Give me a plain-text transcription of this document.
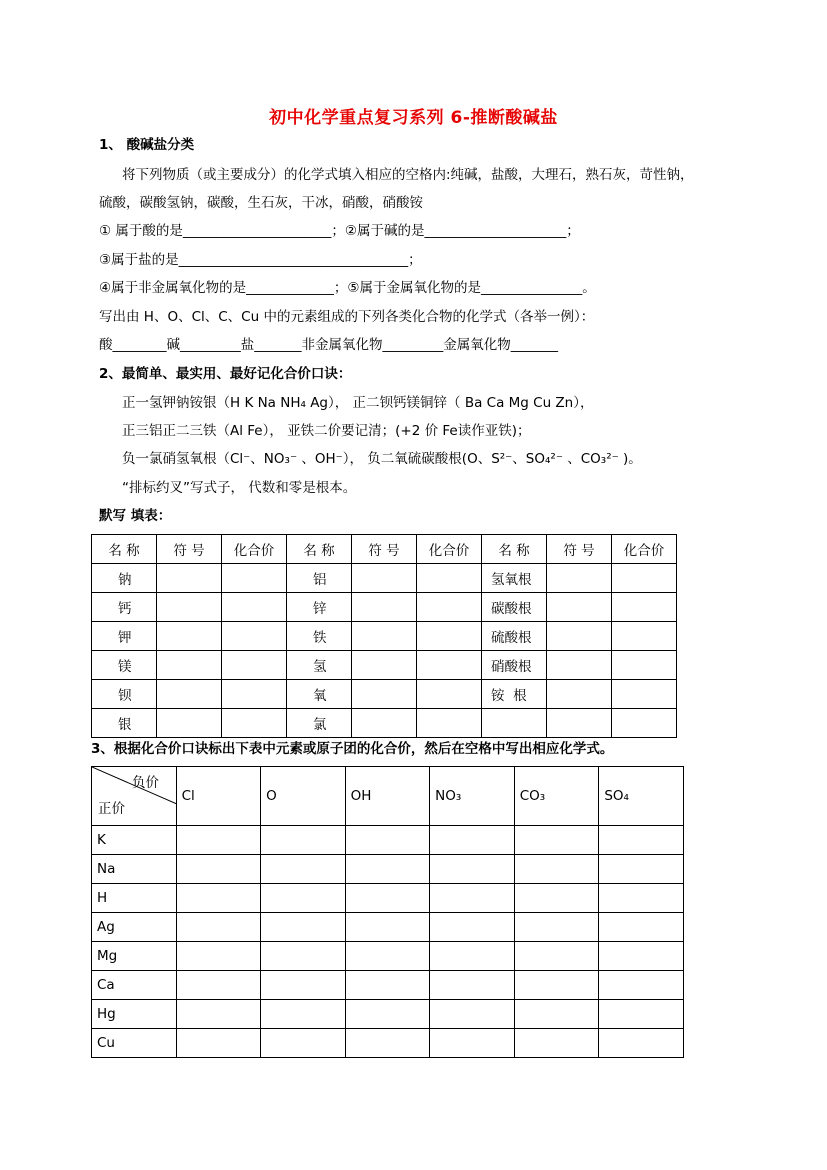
初中化学重点复习系列 6-推断酸碱盐
1、 酸碱盐分类
将下列物质（或主要成分）的化学式填入相应的空格内:纯碱，盐酸，大理石，熟石灰，苛性钠，
硫酸，碳酸氢钠，碳酸，生石灰，干冰，硝酸，硝酸铵
① 属于酸的是______________________；②属于碱的是_____________________；
③属于盐的是__________________________________；
④属于非金属氧化物的是_____________；⑤属于金属氧化物的是_______________。
写出由 H、O、Cl、C、Cu 中的元素组成的下列各类化合物的化学式（各举一例）：
酸________碱_________盐_______非金属氧化物_________金属氧化物_______
2、最简单、最实用、最好记化合价口诀：
正一氢钾钠铵银（H K Na NH₄ Ag）， 正二钡钙镁铜锌（ Ba Ca Mg Cu Zn），
正三铝正二三铁（Al Fe）， 亚铁二价要记清；(+2 价 Fe读作亚铁)；
负一氯硝氢氧根（Cl⁻、NO₃⁻ 、OH⁻）， 负二氧硫碳酸根(O、S²⁻、SO₄²⁻ 、CO₃²⁻ )。
“排标约叉”写式子， 代数和零是根本。
默写 填表：
名 称	符 号	化合价	名 称	符 号	化合价	名 称	符 号	化合价
钠			铝			氢氧根		
钙			锌			碳酸根		
钾			铁			硫酸根		
镁			氢			硝酸根		
钡			氧			铵  根		
银			氯					
3、根据化合价口诀标出下表中元素或原子团的化合价，然后在空格中写出相应化学式。
负价
正价	Cl	O	OH	NO₃	CO₃	SO₄
K						
Na						
H						
Ag						
Mg						
Ca						
Hg						
Cu						
